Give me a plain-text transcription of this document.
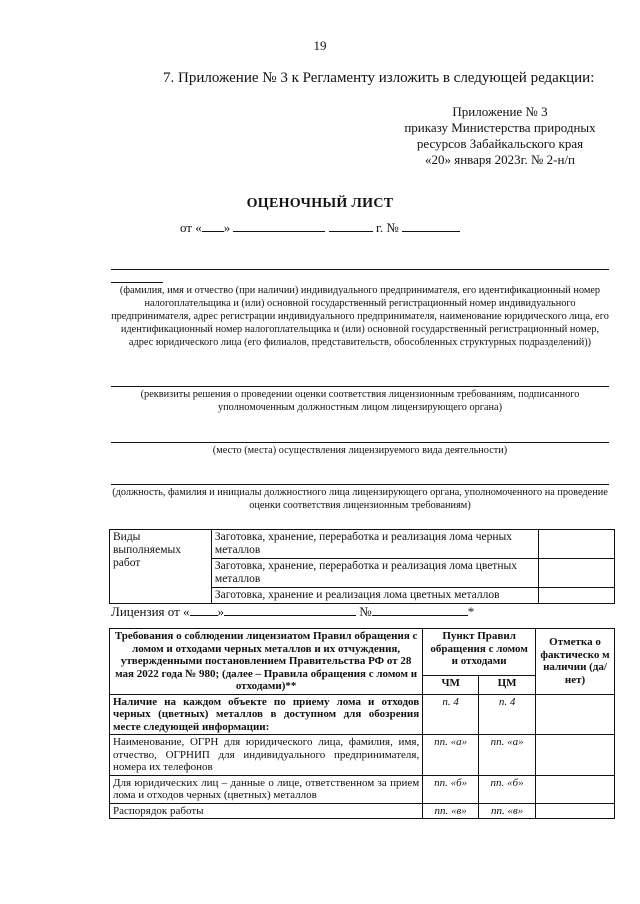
19
7. Приложение № 3 к Регламенту изложить в следующей редакции:
Приложение № 3
приказу Министерства природных
ресурсов Забайкальского края
«20» января 2023г. № 2-н/п
ОЦЕНОЧНЫЙ ЛИСТ
от « »	г. №
(фамилия, имя и отчество (при наличии) индивидуального предпринимателя, его идентификационный номер налогоплательщика и (или) основной государственный регистрационный номер индивидуального предпринимателя, адрес регистрации индивидуального предпринимателя, наименование юридического лица, его идентификационный номер налогоплательщика и (или) основной государственный регистрационный номер, адрес юридического лица (его филиалов, представительств, обособленных структурных подразделений))
(реквизиты решения о проведении оценки соответствия лицензионным требованиям, подписанного уполномоченным должностным лицом лицензирующего органа)
(место (места) осуществления лицензируемого вида деятельности)
(должность, фамилия и инициалы должностного лица лицензирующего органа, уполномоченного на проведение оценки соответствия лицензионным требованиям)
Виды выполняемых работ	Заготовка, хранение, переработка и реализация лома черных металлов	
	Заготовка, хранение, переработка и реализация лома цветных металлов	
	Заготовка, хранение и реализация лома цветных металлов	
Лицензия от « »	№	*
Требования о соблюдении лицензиатом Правил обращения с ломом и отходами черных металлов и их отчуждения, утвержденными постановлением Правительства РФ от 28 мая 2022 года № 980; (далее – Правила обращения с ломом и отходами)**	Пункт Правил обращения с ломом и отходами		Отметка о фактическо м наличии (да/нет)
	ЧМ	ЦМ	
Наличие на каждом объекте по приему лома и отходов черных (цветных) металлов в доступном для обозрения месте следующей информации:	п. 4	п. 4	
Наименование, ОГРН для юридического лица, фамилия, имя, отчество, ОГРНИП для индивидуального предпринимателя, номера их телефонов	пп. «а»	пп. «а»	
Для юридических лиц – данные о лице, ответственном за прием лома и отходов черных (цветных) металлов	пп. «б»	пп. «б»	
Распорядок работы	пп. «в»	пп. «в»	
